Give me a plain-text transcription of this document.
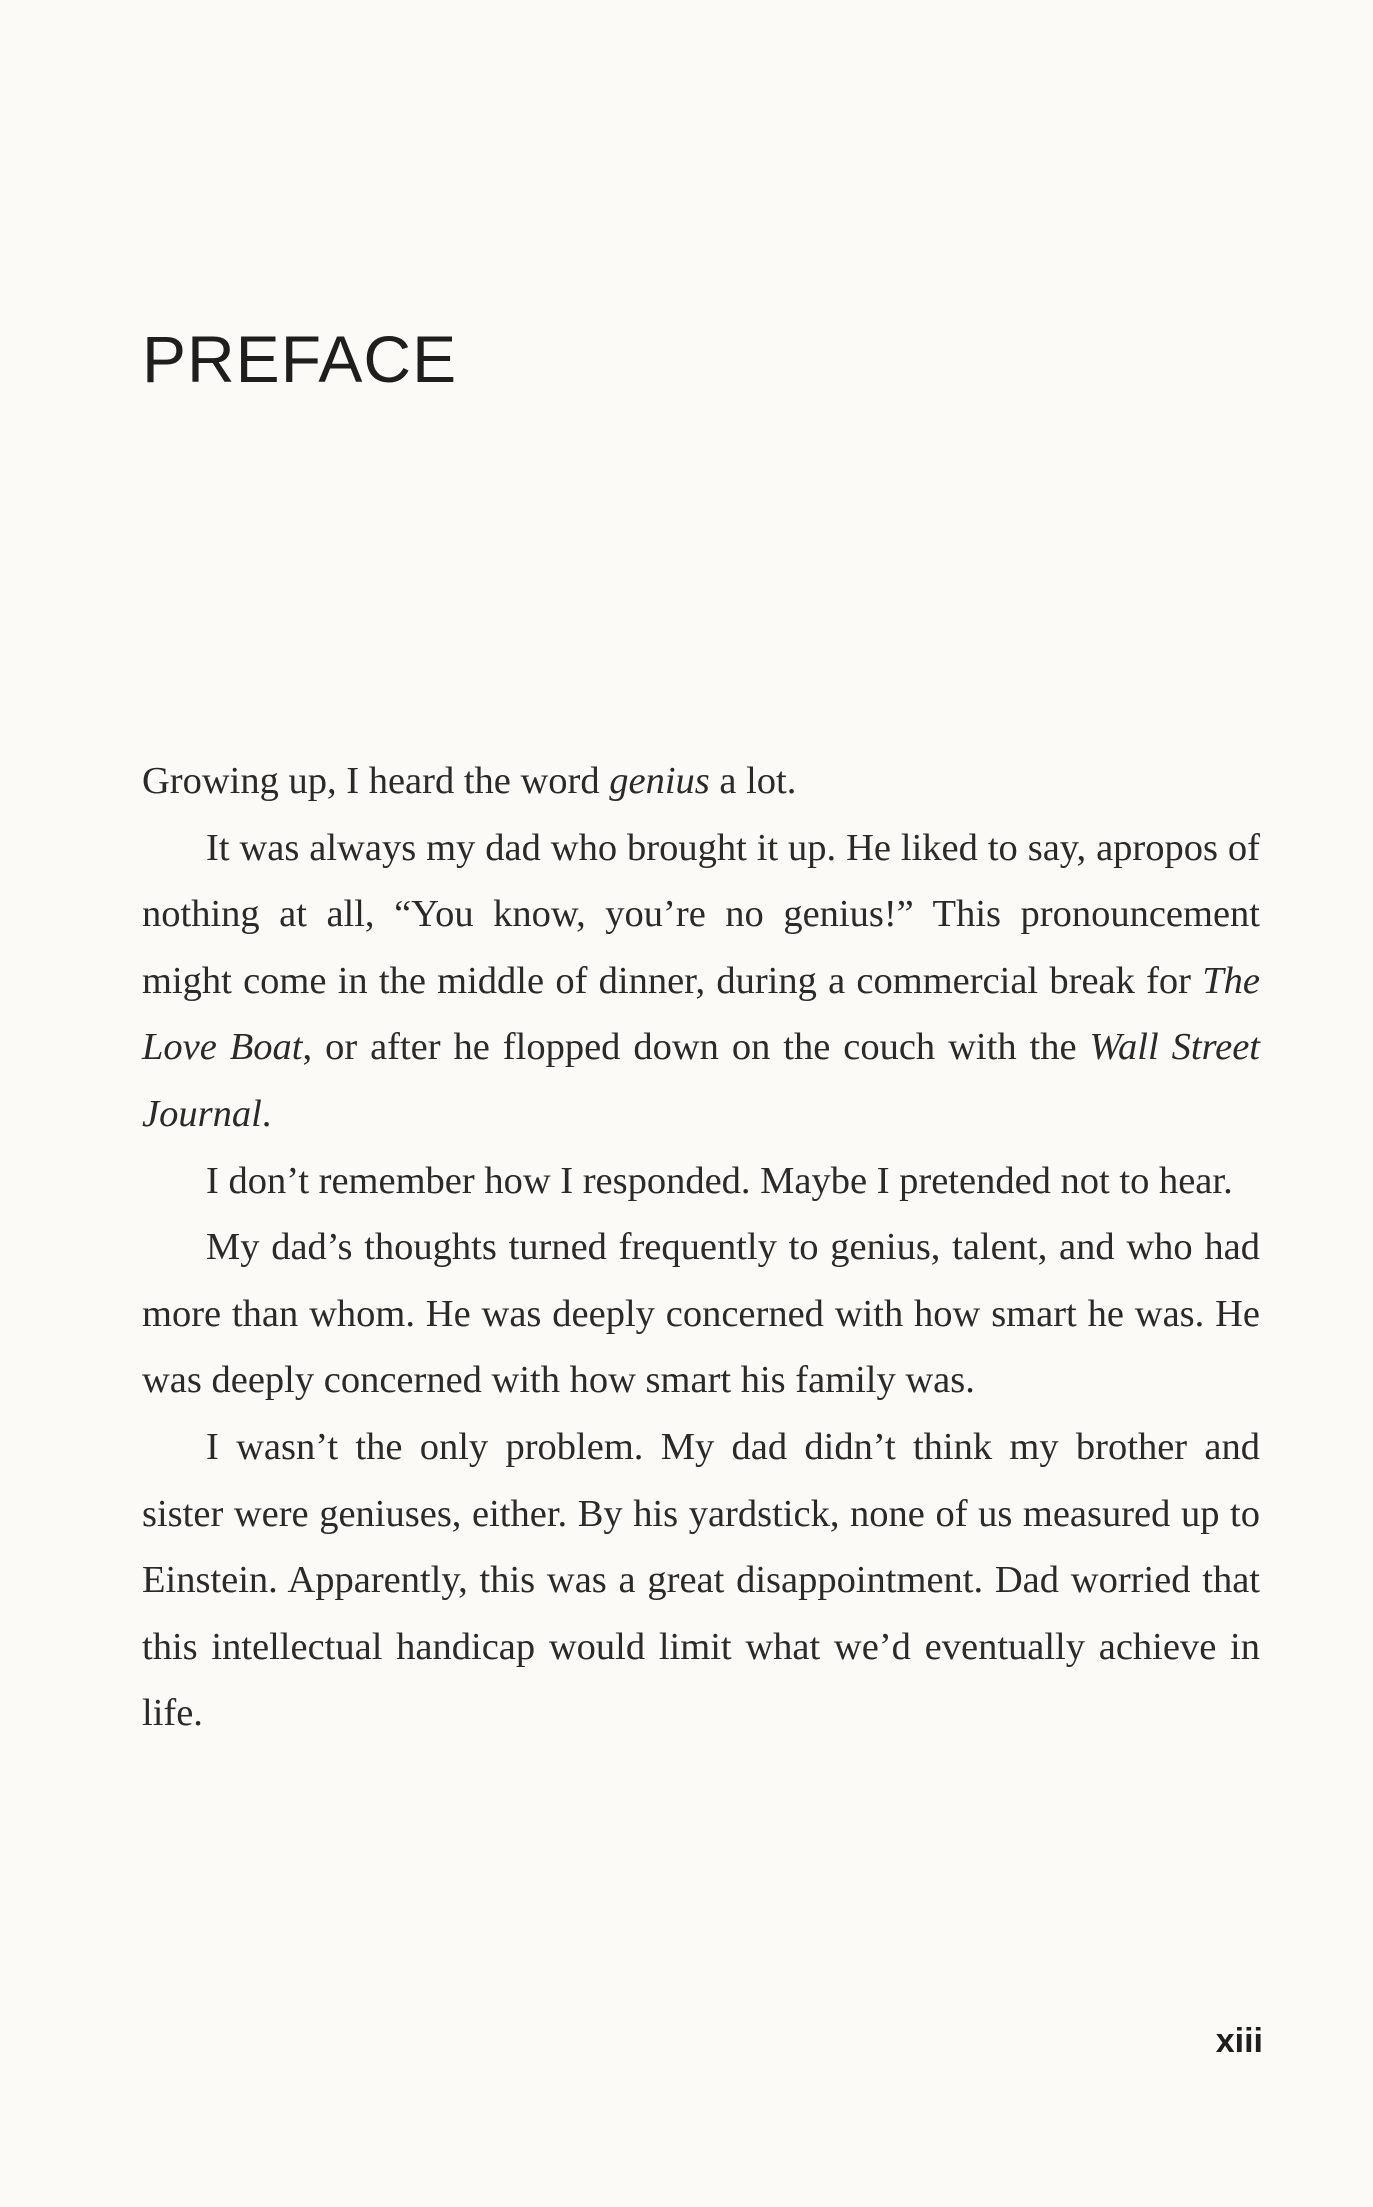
PREFACE

Growing up, I heard the word genius a lot.

It was always my dad who brought it up. He liked to say, apropos of nothing at all, “You know, you’re no genius!” This pronouncement might come in the middle of dinner, during a commercial break for The Love Boat, or after he flopped down on the couch with the Wall Street Journal.

I don’t remember how I responded. Maybe I pretended not to hear.

My dad’s thoughts turned frequently to genius, talent, and who had more than whom. He was deeply concerned with how smart he was. He was deeply concerned with how smart his family was.

I wasn’t the only problem. My dad didn’t think my brother and sister were geniuses, either. By his yardstick, none of us measured up to Einstein. Apparently, this was a great disappointment. Dad worried that this intellectual handicap would limit what we’d eventually achieve in life.

xiii
